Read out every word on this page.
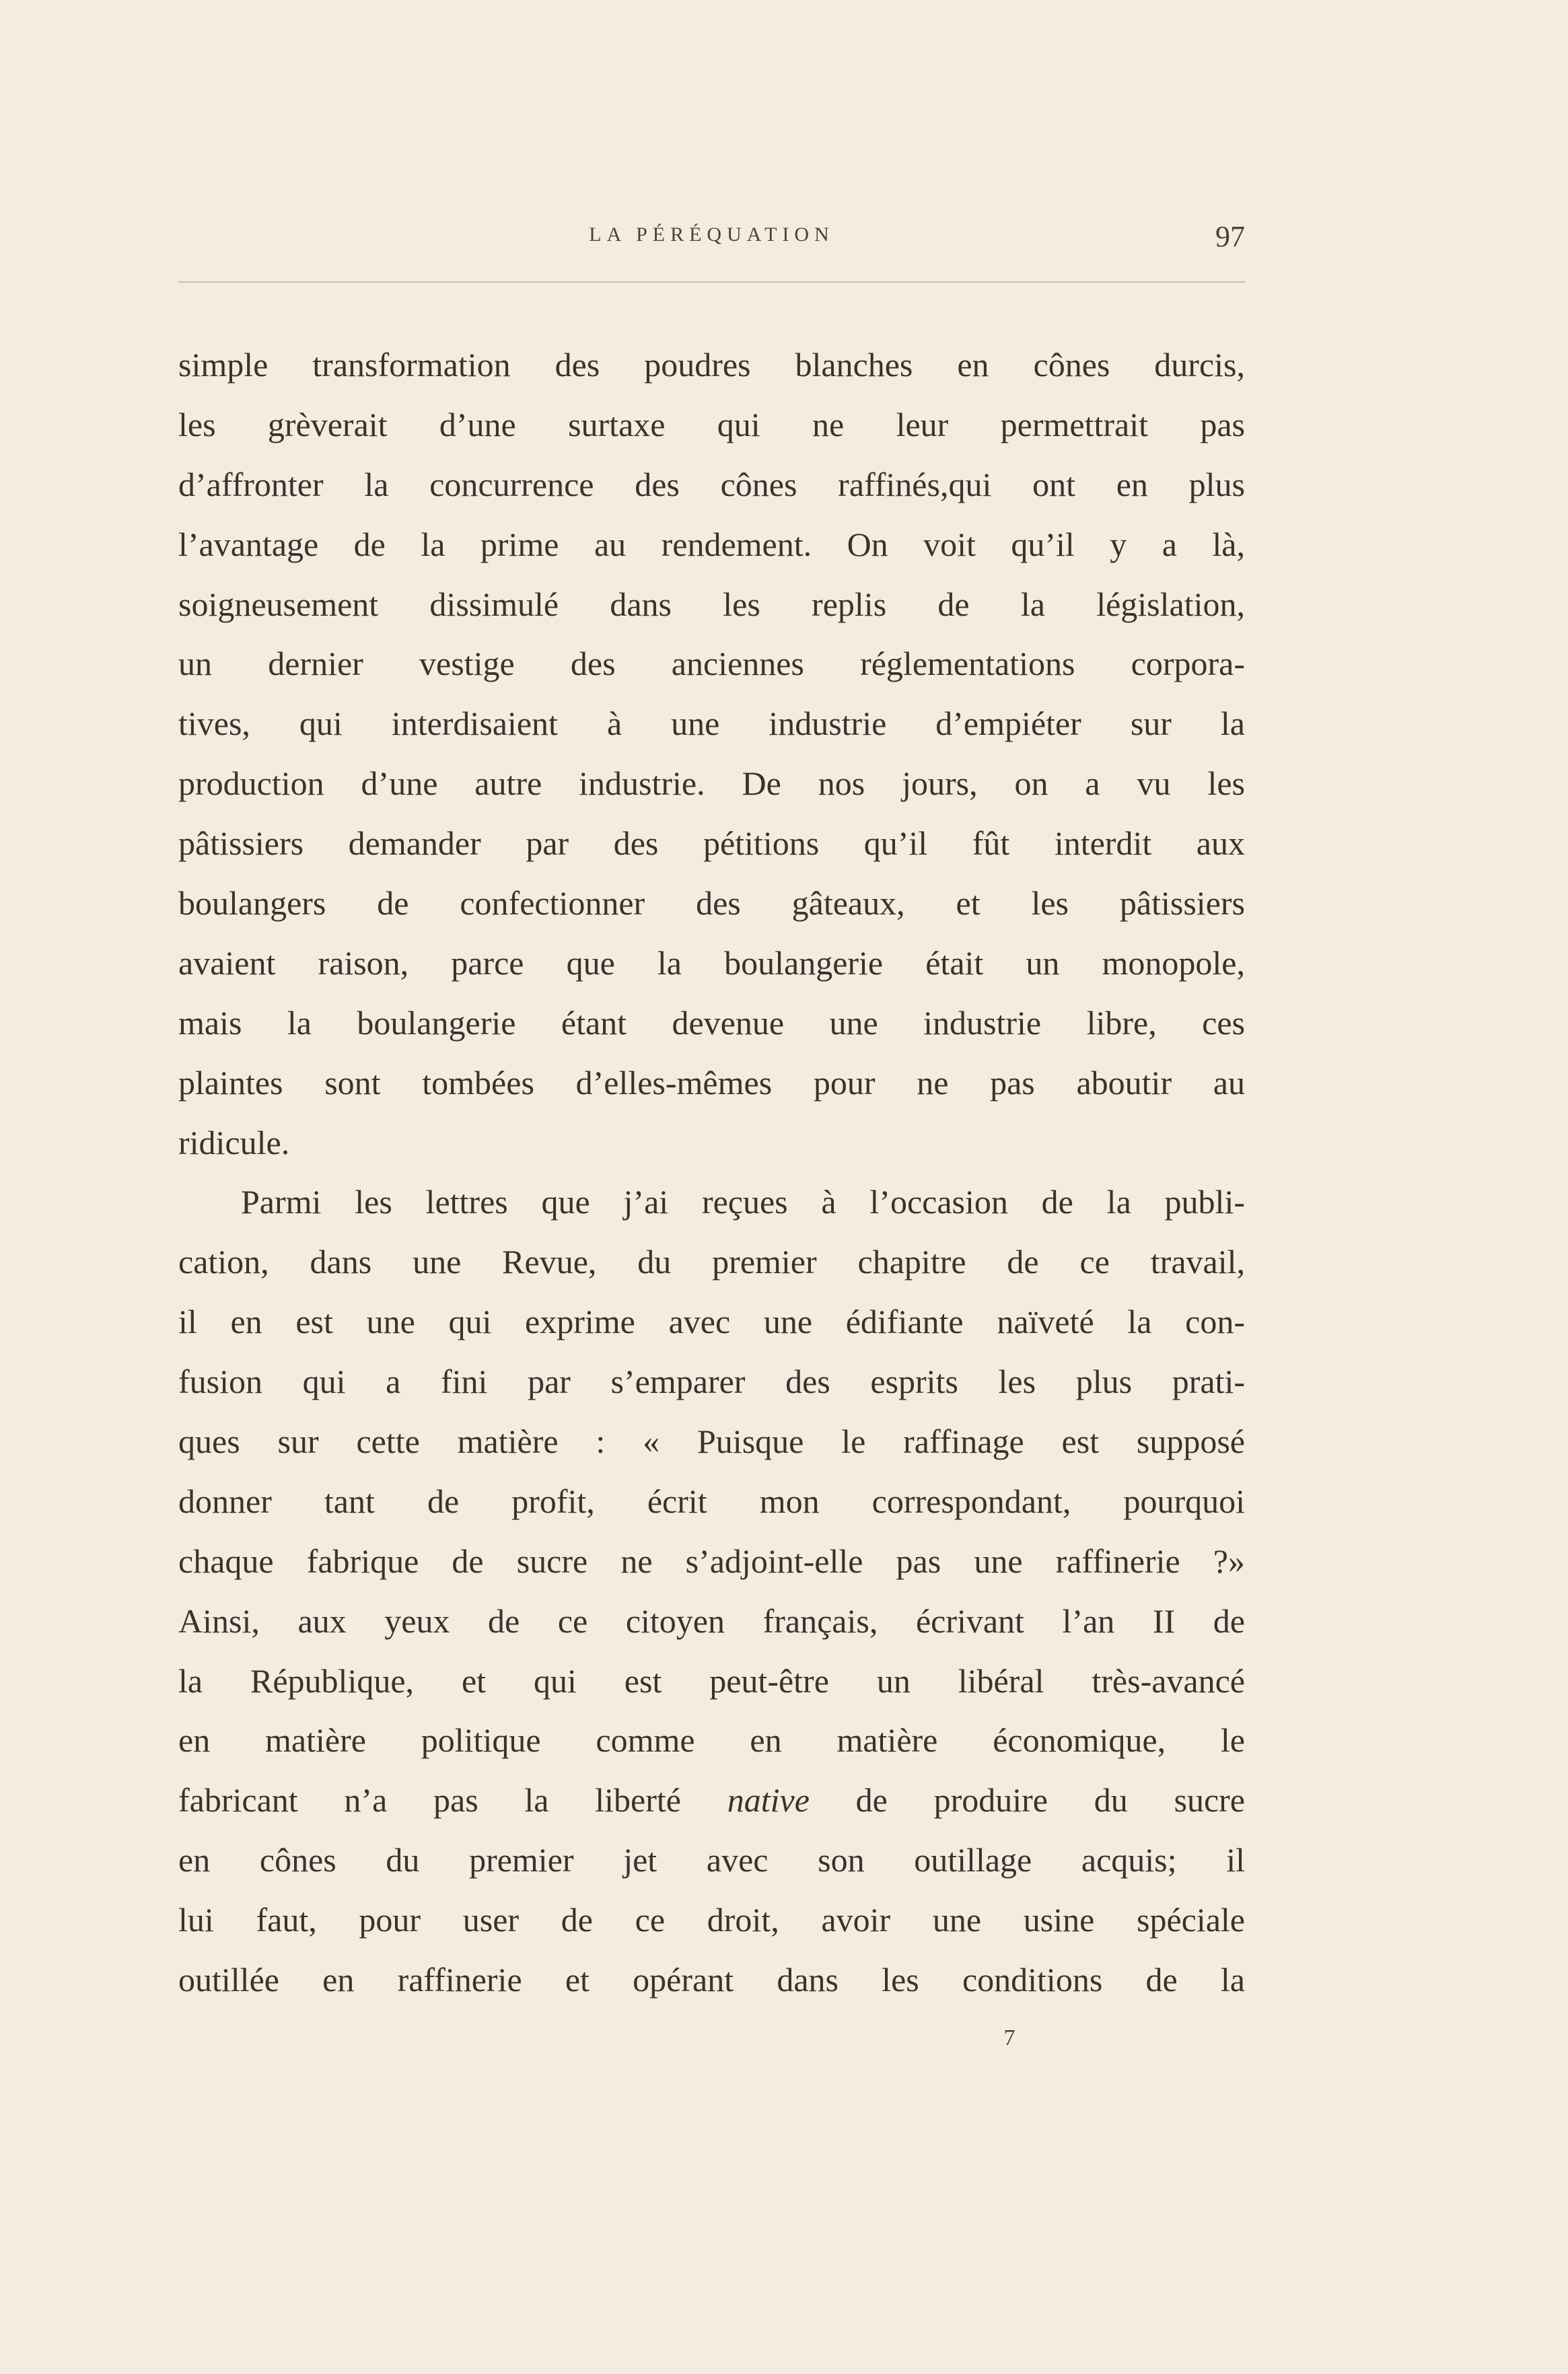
LA PÉRÉQUATION	97
simple transformation des poudres blanches en cônes durcis,
les grèverait d’une surtaxe qui ne leur permettrait pas
d’affronter la concurrence des cônes raffinés,qui ont en plus
l’avantage de la prime au rendement. On voit qu’il y a là,
soigneusement dissimulé dans les replis de la législation,
un dernier vestige des anciennes réglementations corpora-
tives, qui interdisaient à une industrie d’empiéter sur la
production d’une autre industrie. De nos jours, on a vu les
pâtissiers demander par des pétitions qu’il fût interdit aux
boulangers de confectionner des gâteaux, et les pâtissiers
avaient raison, parce que la boulangerie était un monopole,
mais la boulangerie étant devenue une industrie libre, ces
plaintes sont tombées d’elles-mêmes pour ne pas aboutir au
ridicule.
Parmi les lettres que j’ai reçues à l’occasion de la publi-
cation, dans une Revue, du premier chapitre de ce travail,
il en est une qui exprime avec une édifiante naïveté la con-
fusion qui a fini par s’emparer des esprits les plus prati-
ques sur cette matière : « Puisque le raffinage est supposé
donner tant de profit, écrit mon correspondant, pourquoi
chaque fabrique de sucre ne s’adjoint-elle pas une raffinerie ?»
Ainsi, aux yeux de ce citoyen français, écrivant l’an II de
la République, et qui est peut-être un libéral très-avancé
en matière politique comme en matière économique, le
fabricant n’a pas la liberté native de produire du sucre
en cônes du premier jet avec son outillage acquis; il
lui faut, pour user de ce droit, avoir une usine spéciale
outillée en raffinerie et opérant dans les conditions de la
7
